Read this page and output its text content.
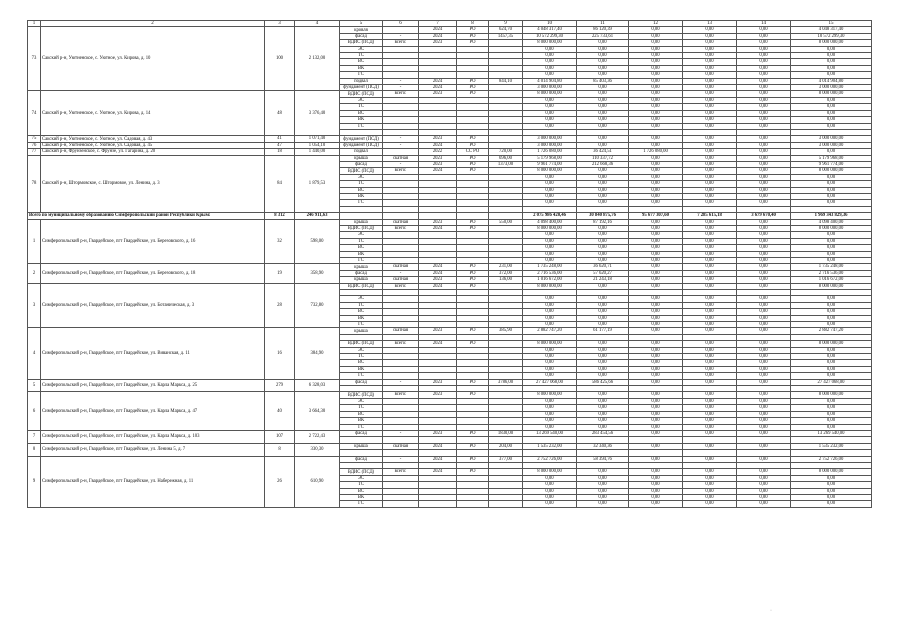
1	2	3	4	5	6	7	8	9	10	11	12	13	14	15
73	Сакский р-н, Уютненское, с. Уютное, ул. Кирова, д. 10	100	2 132,00	кровля		2024	РО	624,70	4 048 317,40	86 120,39	0,00	0,00	0,00	4 048 317,40
				фасад	-	2024	РО	1457,35	10 572 299,30	225 733,61	0,00	0,00	0,00	10 572 299,30
				ВДИС (ПСД)	всего:	2023	РО		8 000 000,00	0,00	0,00	0,00	0,00	8 000 000,00
				ЭС					0,00	0,00	0,00	0,00	0,00	0,00
				ТС					0,00	0,00	0,00	0,00	0,00	0,00
				ВС					0,00	0,00	0,00	0,00	0,00	0,00
				ВК					0,00	0,00	0,00	0,00	0,00	0,00
				ГС					0,00	0,00	0,00	0,00	0,00	0,00
				подвал	-	2024	РО	844,10	4 014 904,80	85 403,36	0,00	0,00	0,00	4 014 904,80
				фундамент (ПСД)	-	2024	РО		3 000 000,00	0,00	0,00	0,00	0,00	3 000 000,00
74	Сакский р-н, Уютненское, с. Уютное, ул. Кирова, д. 14	48	3 376,40	ВДИС (ПСД)	всего:	2023	РО		8 000 000,00	0,00	0,00	0,00	0,00	8 000 000,00
				ЭС					0,00	0,00	0,00	0,00	0,00	0,00
				ТС					0,00	0,00	0,00	0,00	0,00	0,00
				ВС					0,00	0,00	0,00	0,00	0,00	0,00
				ВК					0,00	0,00	0,00	0,00	0,00	0,00
				ГС					0,00	0,00	0,00	0,00	0,00	0,00

75	Сакский р-н, Уютненское, с. Уютное, ул. Садовая, д. 43	41	1 071,40	фундамент (ПСД)	-	2023	РО		3 000 000,00	0,00	0,00	0,00	0,00	3 000 000,00
76	Сакский р-н, Уютненское, с. Уютное, ул. Садовая, д. 45	47	1 054,10	фундамент (ПСД)	-	2024	РО		3 000 000,00	0,00	0,00	0,00	0,00	3 000 000,00
77	Сакский р-н, Фрунзенское, с. Фрунзе, ул. Гагарина, д. 20	18	1 440,00	подвал		2022	СС РО	720,00	1 726 080,00	36 424,51	1 726 080,00	0,00	0,00	0,00
78	Сакский р-н, Штормовское, с. Штормовое, ул. Ленина, д. 3	84	1 879,53	крыша	скатная	2023	РО	696,00	5 179 968,00	110 337,72	0,00	0,00	0,00	5 179 968,00
				фасад	-	2023	РО	1373,00	9 961 774,00	212 668,36	0,00	0,00	0,00	9 961 774,00
				ВДИС (ПСД)	всего:	2024	РО		8 000 000,00	0,00	0,00	0,00	0,00	8 000 000,00
				ЭС					0,00	0,00	0,00	0,00	0,00	0,00
				ТС					0,00	0,00	0,00	0,00	0,00	0,00
				ВС					0,00	0,00	0,00	0,00	0,00	0,00
				ВК					0,00	0,00	0,00	0,00	0,00	0,00
				ГС					0,00	0,00	0,00	0,00	0,00	0,00

Всего по муниципальному образованию Симферопольский район Республики Крым:		8 312	246 911,63						2 075 986 420,46	30 840 875,76	95 677 307,60	7 285 615,18	3 679 670,40	1 969 343 829,36
1	Симферопольский р-н, Гвардейское, пгт Гвардейское, ул. Березовского, д. 16	32	598,00	крыша	скатная	2023	РО	550,00	4 098 400,00	87 192,16	0,00	0,00	0,00	4 098 400,00
				ВДИС (ПСД)	всего:	2024	РО		8 000 000,00	0,00	0,00	0,00	0,00	8 000 000,00
				ЭС					0,00	0,00	0,00	0,00	0,00	0,00
				ТС					0,00	0,00	0,00	0,00	0,00	0,00
				ВС					0,00	0,00	0,00	0,00	0,00	0,00
				ВК					0,00	0,00	0,00	0,00	0,00	0,00
				ГС					0,00	0,00	0,00	0,00	0,00	0,00
2	Симферопольский р-н, Гвардейское, пгт Гвардейское, ул. Березовского, д. 18	19	358,90	крыша	скатная	2024	РО	231,00	1 735 248,00	36 620,71	0,00	0,00	0,00	1 735 248,00
				фасад	-	2024	РО	372,00	2 716 536,00	57 620,27	0,00	0,00	0,00	2 716 536,00
				крыша	скатная	2023	РО	136,00	1 016 672,00	21 243,18	0,00	0,00	0,00	1 016 672,00
3	Симферопольский р-н, Гвардейское, пгт Гвардейское, ул. Ботаническая, д. 3	28	732,80	ВДИС (ПСД)	всего:	2024	РО		8 000 000,00	0,00	0,00	0,00	0,00	8 000 000,00

				ЭС					0,00	0,00	0,00	0,00	0,00	0,00
				ТС					0,00	0,00	0,00	0,00	0,00	0,00
				ВС					0,00	0,00	0,00	0,00	0,00	0,00
				ВК					0,00	0,00	0,00	0,00	0,00	0,00
				ГС					0,00	0,00	0,00	0,00	0,00	0,00
4	Симферопольский р-н, Гвардейское, пгт Гвардейское, ул. Виванская, д. 11	16	384,90	крыша	скатная	2023	РО	385,90	2 882 747,20	61 177,19	0,00	0,00	0,00	2 882 747,20

				ВДИС (ПСД)	всего:	2024	РО		8 000 000,00	0,00	0,00	0,00	0,00	8 000 000,00
				ЭС					0,00	0,00	0,00	0,00	0,00	0,00
				ТС					0,00	0,00	0,00	0,00	0,00	0,00
				ВС					0,00	0,00	0,00	0,00	0,00	0,00
				ВК					0,00	0,00	0,00	0,00	0,00	0,00
				ГС					0,00	0,00	0,00	0,00	0,00	0,00
5	Симферопольский р-н, Гвардейское, пгт Гвардейское, ул. Карла Маркса, д. 25	279	6 328,03	фасад	-	2023	РО	3786,00	27 427 068,00	586 425,66	0,00	0,00	0,00	27 427 068,00

6	Симферопольский р-н, Гвардейское, пгт Гвардейское, ул. Карла Маркса, д. 47	40	3 664,30	ВДИС (ПСД)	всего:	2023	РО		8 000 000,00	0,00	0,00	0,00	0,00	8 000 000,00
				ЭС					0,00	0,00	0,00	0,00	0,00	0,00
				ТС					0,00	0,00	0,00	0,00	0,00	0,00
				ВС					0,00	0,00	0,00	0,00	0,00	0,00
				ВК					0,00	0,00	0,00	0,00	0,00	0,00
				ГС					0,00	0,00	0,00	0,00	0,00	0,00
7	Симферопольский р-н, Гвардейское, пгт Гвардейское, ул. Карла Маркса, д. 103	107	2 722,43	фасад	-	2023	РО	1830,00	13 269 540,00	283 454,56	0,00	0,00	0,00	13 269 540,00

8	Симферопольский р-н, Гвардейское, пгт Гвардейское, ул. Ленина 5, д. 7	8	330,30	крыша	скатная	2024	РО	204,00	1 535 232,00	32 340,36	0,00	0,00	0,00	1 535 232,00

9	Симферопольский р-н, Гвардейское, пгт Гвардейское, ул. Набережная, д. 11	26	610,90	фасад	-	2024	РО	377,00	2 752 726,00	58 394,76	0,00	0,00	0,00	2 752 726,00

				ВДИС (ПСД)	всего:	2024	РО		8 000 000,00	0,00	0,00	0,00	0,00	8 000 000,00
				ЭС					0,00	0,00	0,00	0,00	0,00	0,00
				ТС					0,00	0,00	0,00	0,00	0,00	0,00
				ВС					0,00	0,00	0,00	0,00	0,00	0,00
				ВК					0,00	0,00	0,00	0,00	0,00	0,00
				ГС					0,00	0,00	0,00	0,00	0,00	0,00
·
